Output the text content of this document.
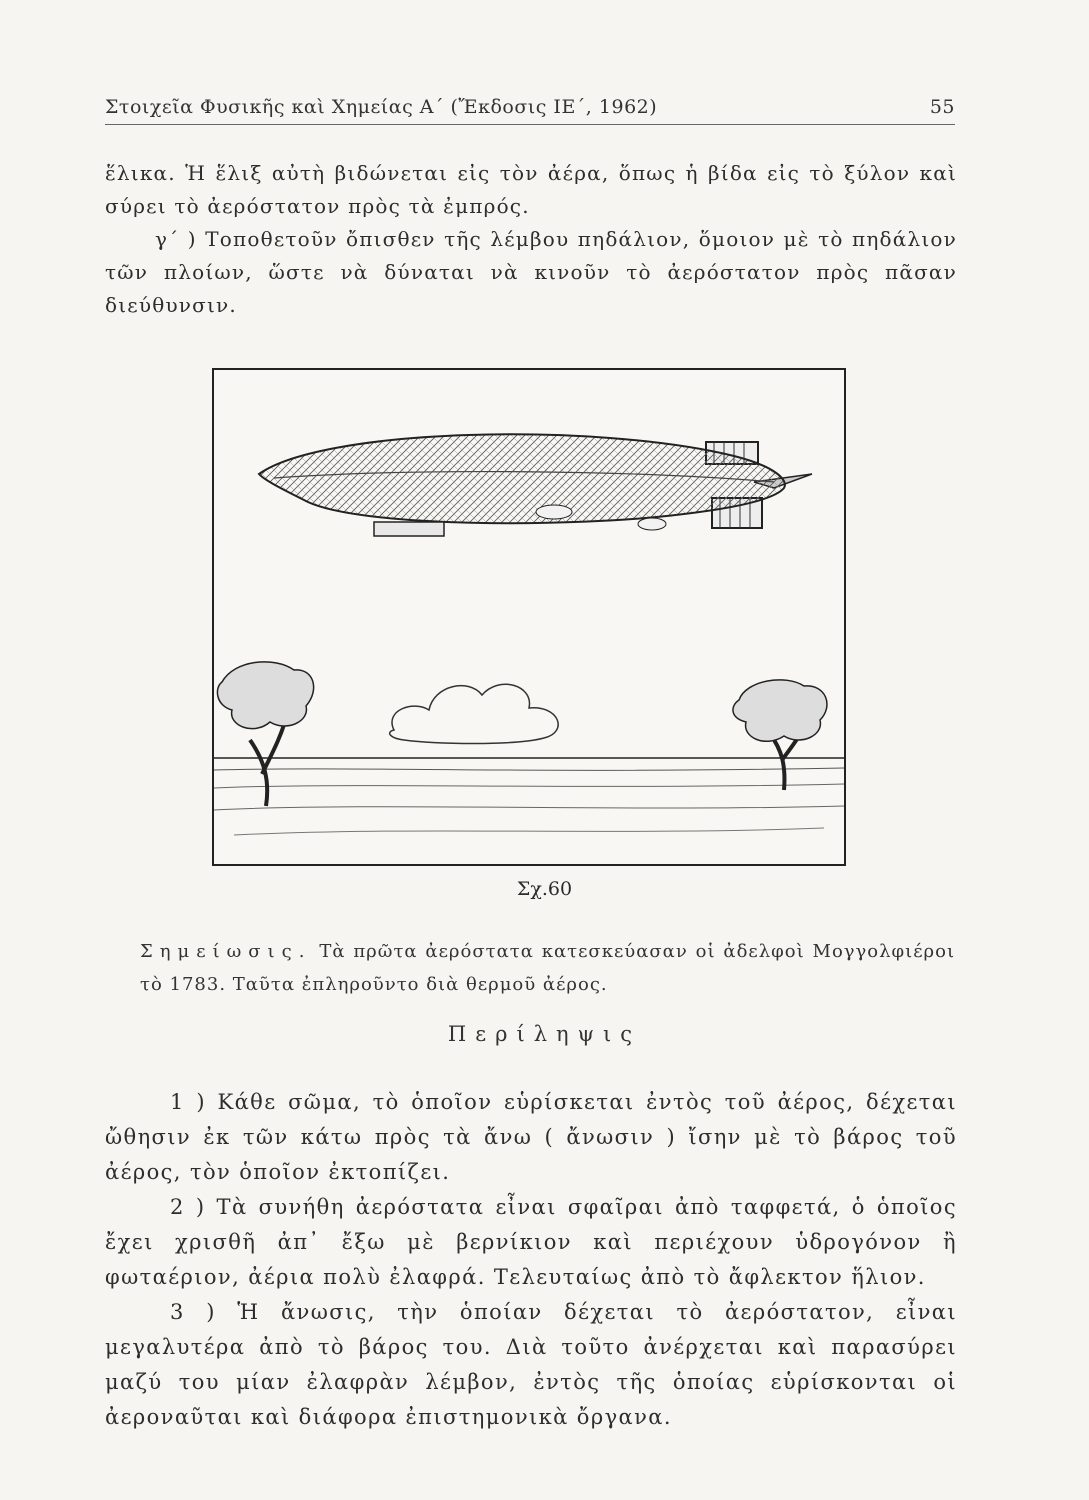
Στοιχεῖα Φυσικῆς καὶ Χημείας Α΄ (Ἔκδοσις ΙΕ΄, 1962)	55
ἕλικα. Ἡ ἕλιξ αὐτὴ βιδώνεται εἰς τὸν ἀέρα, ὅπως ἡ βίδα εἰς τὸ ξύλον καὶ σύρει τὸ ἀερόστατον πρὸς τὰ ἐμπρός.
γ΄ ) Τοποθετοῦν ὄπισθεν τῆς λέμβου πηδάλιον, ὅμοιον μὲ τὸ πηδάλιον τῶν πλοίων, ὥστε νὰ δύναται νὰ κινοῦν τὸ ἀερόστατον πρὸς πᾶσαν διεύθυνσιν.
Σχ.60
Σημείωσις. Τὰ πρῶτα ἀερόστατα κατεσκεύασαν οἱ ἀδελφοὶ Μογγολφιέροι τὸ 1783. Ταῦτα ἐπληροῦντο διὰ θερμοῦ ἀέρος.
Περίληψις

1 ) Κάθε σῶμα, τὸ ὁποῖον εὑρίσκεται ἐντὸς τοῦ ἀέρος, δέχεται ὤθησιν ἐκ τῶν κάτω πρὸς τὰ ἄνω ( ἄνωσιν ) ἴσην μὲ τὸ βάρος τοῦ ἀέρος, τὸν ὁποῖον ἐκτοπίζει.

2 ) Τὰ συνήθη ἀερόστατα εἶναι σφαῖραι ἀπὸ ταφφετά, ὁ ὁποῖος ἔχει χρισθῆ ἀπ᾽ ἔξω μὲ βερνίκιον καὶ περιέχουν ὑδρογόνον ἢ φωταέριον, ἀέρια πολὺ ἐλαφρά. Τελευταίως ἀπὸ τὸ ἄφλεκτον ἥλιον.

3 ) Ἡ ἄνωσις, τὴν ὁποίαν δέχεται τὸ ἀερόστατον, εἶναι μεγαλυτέρα ἀπὸ τὸ βάρος του. Διὰ τοῦτο ἀνέρχεται καὶ παρασύρει μαζύ του μίαν ἐλαφρὰν λέμβον, ἐντὸς τῆς ὁποίας εὑρίσκονται οἱ ἀεροναῦται καὶ διάφορα ἐπιστημονικὰ ὄργανα.
